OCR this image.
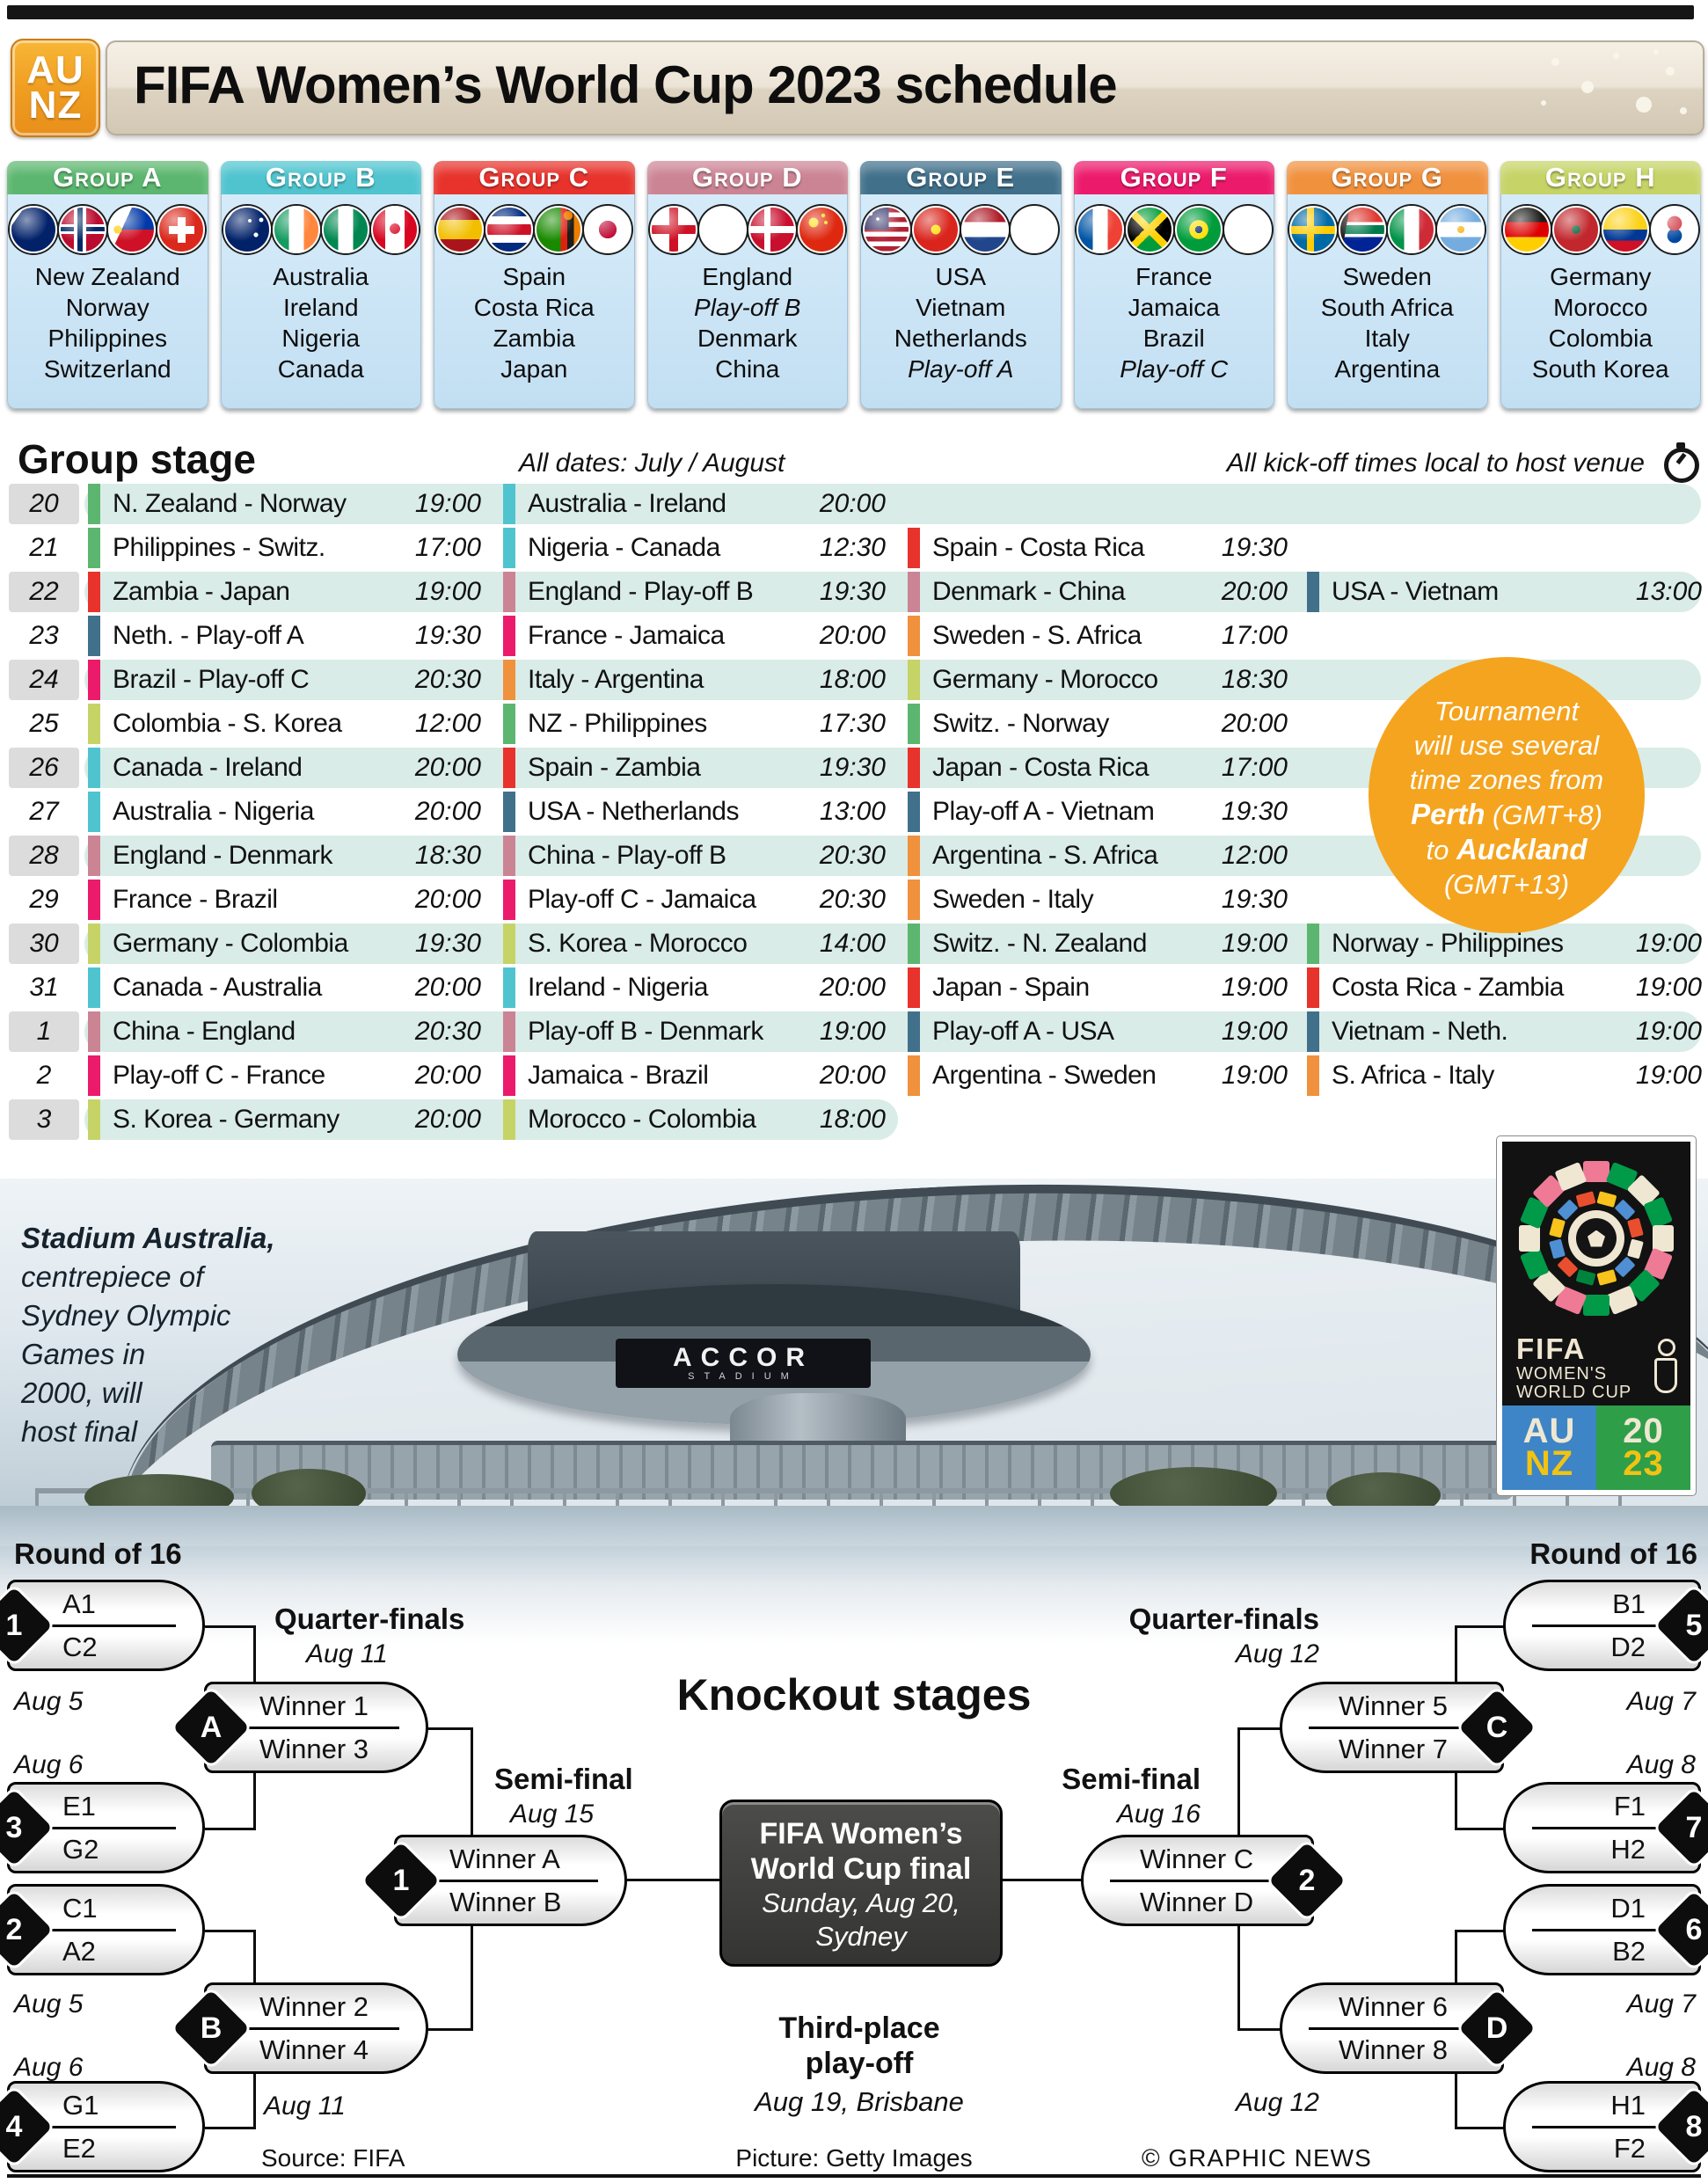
AU
NZ FIFA Women’s World Cup 2023 schedule
Group A
New Zealand
Norway
Philippines
Switzerland
Group B
Australia
Ireland
Nigeria
Canada
Group C
Spain
Costa Rica
Zambia
Japan
Group D
England
Play-off B
Denmark
China
Group E
USA
Vietnam
Netherlands
Play-off A
Group F
France
Jamaica
Brazil
Play-off C
Group G
Sweden
South Africa
Italy
Argentina
Group H
Germany
Morocco
Colombia
South Korea
Group stage	All dates: July / August	All kick-off times local to host venue
20	N. Zealand - Norway	19:00 Australia - Ireland	20:00
21	Philippines - Switz.	17:00 Nigeria - Canada	12:30 Spain - Costa Rica	19:30
22	Zambia - Japan	19:00 England - Play-off B	19:30 Denmark - China	20:00 USA - Vietnam	13:00
23	Neth. - Play-off A	19:30 France - Jamaica	20:00 Sweden - S. Africa	17:00
24	Brazil - Play-off C	20:30 Italy - Argentina	18:00 Germany - Morocco 18:30
25	Colombia - S. Korea	12:00 NZ - Philippines	17:30 Switz. - Norway	20:00
26	Canada - Ireland	20:00 Spain - Zambia	19:30 Japan - Costa Rica	17:00
27	Australia - Nigeria	20:00 USA - Netherlands	13:00 Play-off A - Vietnam	19:30
28	England - Denmark	18:30 China - Play-off B	20:30 Argentina - S. Africa 12:00
29	France - Brazil	20:00 Play-off C - Jamaica 20:30 Sweden - Italy	19:30
30	Germany - Colombia	19:30 S. Korea - Morocco	14:00 Switz. - N. Zealand	19:00 Norway - Philippines	19:00
31	Canada - Australia	20:00 Ireland - Nigeria	20:00 Japan - Spain	19:00 Costa Rica - Zambia	19:00
1	China - England	20:30 Play-off B - Denmark 19:00 Play-off A - USA	19:00 Vietnam - Neth.	19:00
2	Play-off C - France	20:00 Jamaica - Brazil	20:00 Argentina - Sweden 19:00 S. Africa - Italy	19:00
3	S. Korea - Germany	20:00 Morocco - Colombia 18:00
Tournament
will use several
time zones from
Perth (GMT+8)
to Auckland
(GMT+13)
ACCOR
STADIUM
Stadium Australia,
centrepiece of
Sydney Olympic
Games in
2000, will
host final
FIFA
WOMEN'S
WORLD CUP
AU
NZ
20
23
Knockout stages
Round of 16	Round of 16
A1
C2
1
E1
G2
3
C1
A2
2
G1
E2
4
B1
D2
5
F1
H2
7
D1
B2
6
H1
F2
8
Winner 1
Winner 3
A
Winner 2
Winner 4
B
Winner 5
Winner 7
C
Winner 6
Winner 8
D
Winner A
Winner B
1
Winner C
Winner D
2
Quarter-finals
Aug 11
Quarter-finals
Aug 12
Semi-final
Aug 15
Semi-final
Aug 16
Aug 5
Aug 6
Aug 5
Aug 6
Aug 7
Aug 8
Aug 7
Aug 8
Aug 11	Aug 12
FIFA Women’s
World Cup final
Sunday, Aug 20,
Sydney
Third-place
play-off
Aug 19, Brisbane
Source: FIFA	Picture: Getty Images	© GRAPHIC NEWS
